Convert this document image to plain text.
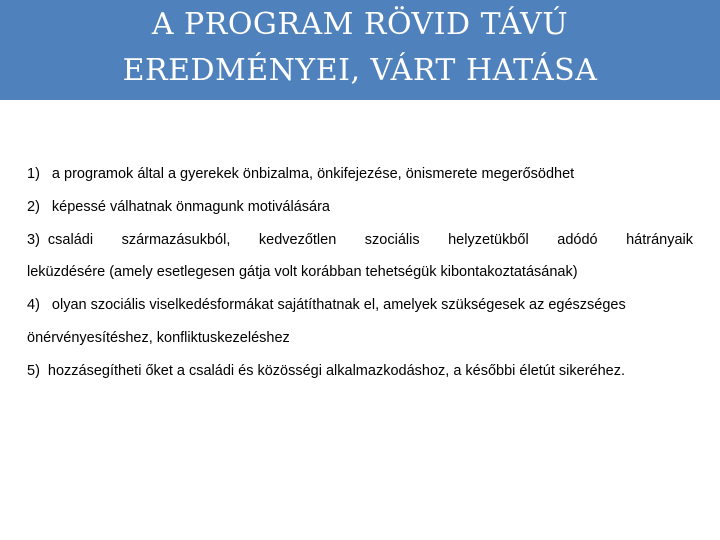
A PROGRAM RÖVID TÁVÚ
EREDMÉNYEI, VÁRT HATÁSA
1) a programok által a gyerekek önbizalma, önkifejezése, önismerete megerősödhet
2) képessé válhatnak önmagunk motiválására
3) családi származásukból, kedvezőtlen szociális helyzetükből adódó hátrányaik
leküzdésére (amely esetlegesen gátja volt korábban tehetségük kibontakoztatásának)
4) olyan szociális viselkedésformákat sajátíthatnak el, amelyek szükségesek az egészséges
önérvényesítéshez, konfliktuskezeléshez
5) hozzásegítheti őket a családi és közösségi alkalmazkodáshoz, a későbbi életút sikeréhez.
